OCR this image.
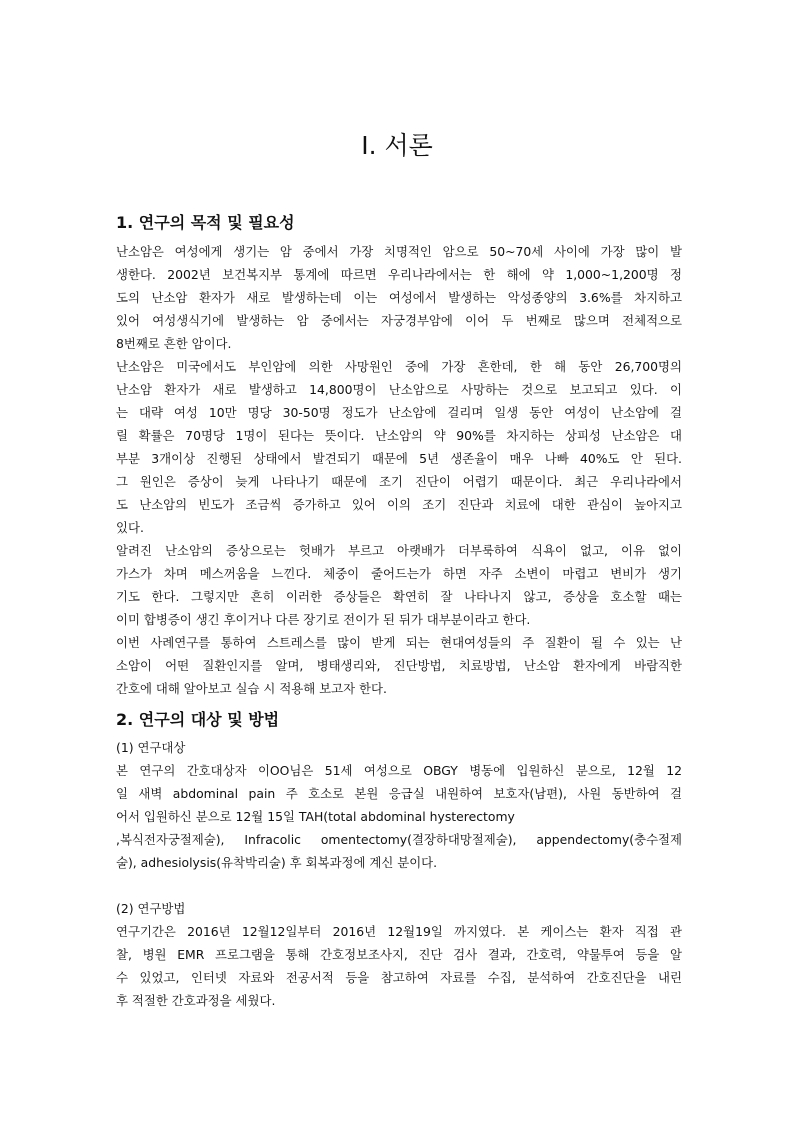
Ⅰ. 서론
1. 연구의 목적 및 필요성
난소암은 여성에게 생기는 암 중에서 가장 치명적인 암으로 50~70세 사이에 가장 많이 발
생한다. 2002년 보건복지부 통계에 따르면 우리나라에서는 한 해에 약 1,000~1,200명 정
도의 난소암 환자가 새로 발생하는데 이는 여성에서 발생하는 악성종양의 3.6%를 차지하고
있어 여성생식기에 발생하는 암 중에서는 자궁경부암에 이어 두 번째로 많으며 전체적으로
8번째로 흔한 암이다.
난소암은 미국에서도 부인암에 의한 사망원인 중에 가장 흔한데, 한 해 동안 26,700명의
난소암 환자가 새로 발생하고 14,800명이 난소암으로 사망하는 것으로 보고되고 있다. 이
는 대략 여성 10만 명당 30-50명 정도가 난소암에 걸리며 일생 동안 여성이 난소암에 걸
릴 확률은 70명당 1명이 된다는 뜻이다. 난소암의 약 90%를 차지하는 상피성 난소암은 대
부분 3개이상 진행된 상태에서 발견되기 때문에 5년 생존율이 매우 나빠 40%도 안 된다.
그 원인은 증상이 늦게 나타나기 때문에 조기 진단이 어렵기 때문이다. 최근 우리나라에서
도 난소암의 빈도가 조금씩 증가하고 있어 이의 조기 진단과 치료에 대한 관심이 높아지고
있다.
알려진 난소암의 증상으로는 헛배가 부르고 아랫배가 더부룩하여 식욕이 없고, 이유 없이
가스가 차며 메스꺼움을 느낀다. 체중이 줄어드는가 하면 자주 소변이 마렵고 변비가 생기
기도 한다. 그렇지만 흔히 이러한 증상들은 확연히 잘 나타나지 않고, 증상을 호소할 때는
이미 합병증이 생긴 후이거나 다른 장기로 전이가 된 뒤가 대부분이라고 한다.
이번 사례연구를 통하여 스트레스를 많이 받게 되는 현대여성들의 주 질환이 될 수 있는 난
소암이 어떤 질환인지를 알며, 병태생리와, 진단방법, 치료방법, 난소암 환자에게 바람직한
간호에 대해 알아보고 실습 시 적용해 보고자 한다.
2. 연구의 대상 및 방법
(1) 연구대상
본 연구의 간호대상자 이OO님은 51세 여성으로 OBGY 병동에 입원하신 분으로, 12월 12
일 새벽 abdominal pain 주 호소로 본원 응급실 내원하여 보호자(남편), 사원 동반하여 걸
어서 입원하신 분으로 12월 15일 TAH(total abdominal hysterectomy
,복식전자궁절제술), Infracolic omentectomy(결장하대망절제술), appendectomy(충수절제
술), adhesiolysis(유착박리술) 후 회복과정에 계신 분이다.
(2) 연구방법
연구기간은 2016년 12월12일부터 2016년 12월19일 까지였다. 본 케이스는 환자 직접 관
찰, 병원 EMR 프로그램을 통해 간호정보조사지, 진단 검사 결과, 간호력, 약물투여 등을 알
수 있었고, 인터넷 자료와 전공서적 등을 참고하여 자료를 수집, 분석하여 간호진단을 내린
후 적절한 간호과정을 세웠다.
